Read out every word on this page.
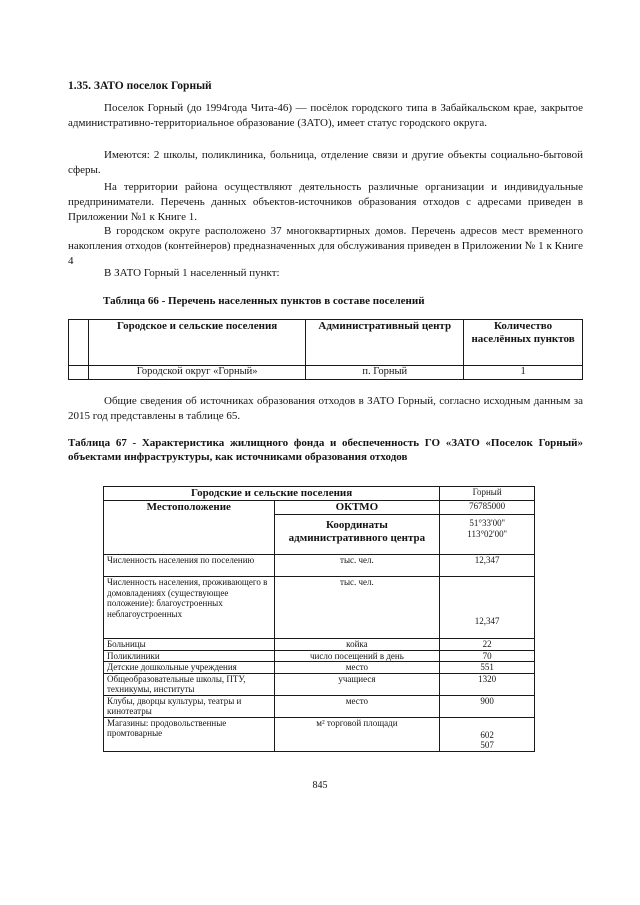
1.35. ЗАТО поселок Горный
Поселок Горный (до 1994года Чита-46) — посёлок городского типа в Забайкальском крае, закрытое административно-территориальное образование (ЗАТО), имеет статус городского округа.
Имеются: 2 школы, поликлиника, больница, отделение связи и другие объекты социально-бытовой сферы.
На территории района осуществляют деятельность различные организации и индивидуальные предприниматели. Перечень данных объектов-источников образования отходов с адресами приведен в Приложении №1 к Книге 1.
В городском округе расположено 37 многоквартирных домов. Перечень адресов мест временного накопления отходов (контейнеров) предназначенных для обслуживания приведен в Приложении № 1 к Книге 4
В ЗАТО Горный 1 населенный пункт:
Таблица 66 - Перечень населенных пунктов в составе поселений
	Городское и сельские поселения	Административный центр	Количество населённых пунктов
	Городской округ «Горный»	п. Горный	1
Общие сведения об источниках образования отходов в ЗАТО Горный, согласно исходным данным за 2015 год представлены в таблице 65.
Таблица 67 - Характеристика жилищного фонда и обеспеченность ГО «ЗАТО «Поселок Горный» объектами инфраструктуры, как источниками образования отходов
Городские и сельские поселения		Горный
Местоположение	ОКТМО	76785000
	Координаты административного центра	51°33'00''
113°02'00''

Численность населения по поселению	тыс. чел.	12,347
Численность населения, проживающего в домовладениях (существующее положение): благоустроенных неблагоустроенных	тыс. чел.	12,347
Больницы	койка	22
Поликлиники	число посещений в день	70
Детские дошкольные учреждения	место	551
Общеобразовательные школы, ПТУ, техникумы, институты	учащиеся	1320
Клубы, дворцы культуры, театры и кинотеатры	место	900
Магазины: продовольственные промтоварные	м² торговой площади	602
507
845
